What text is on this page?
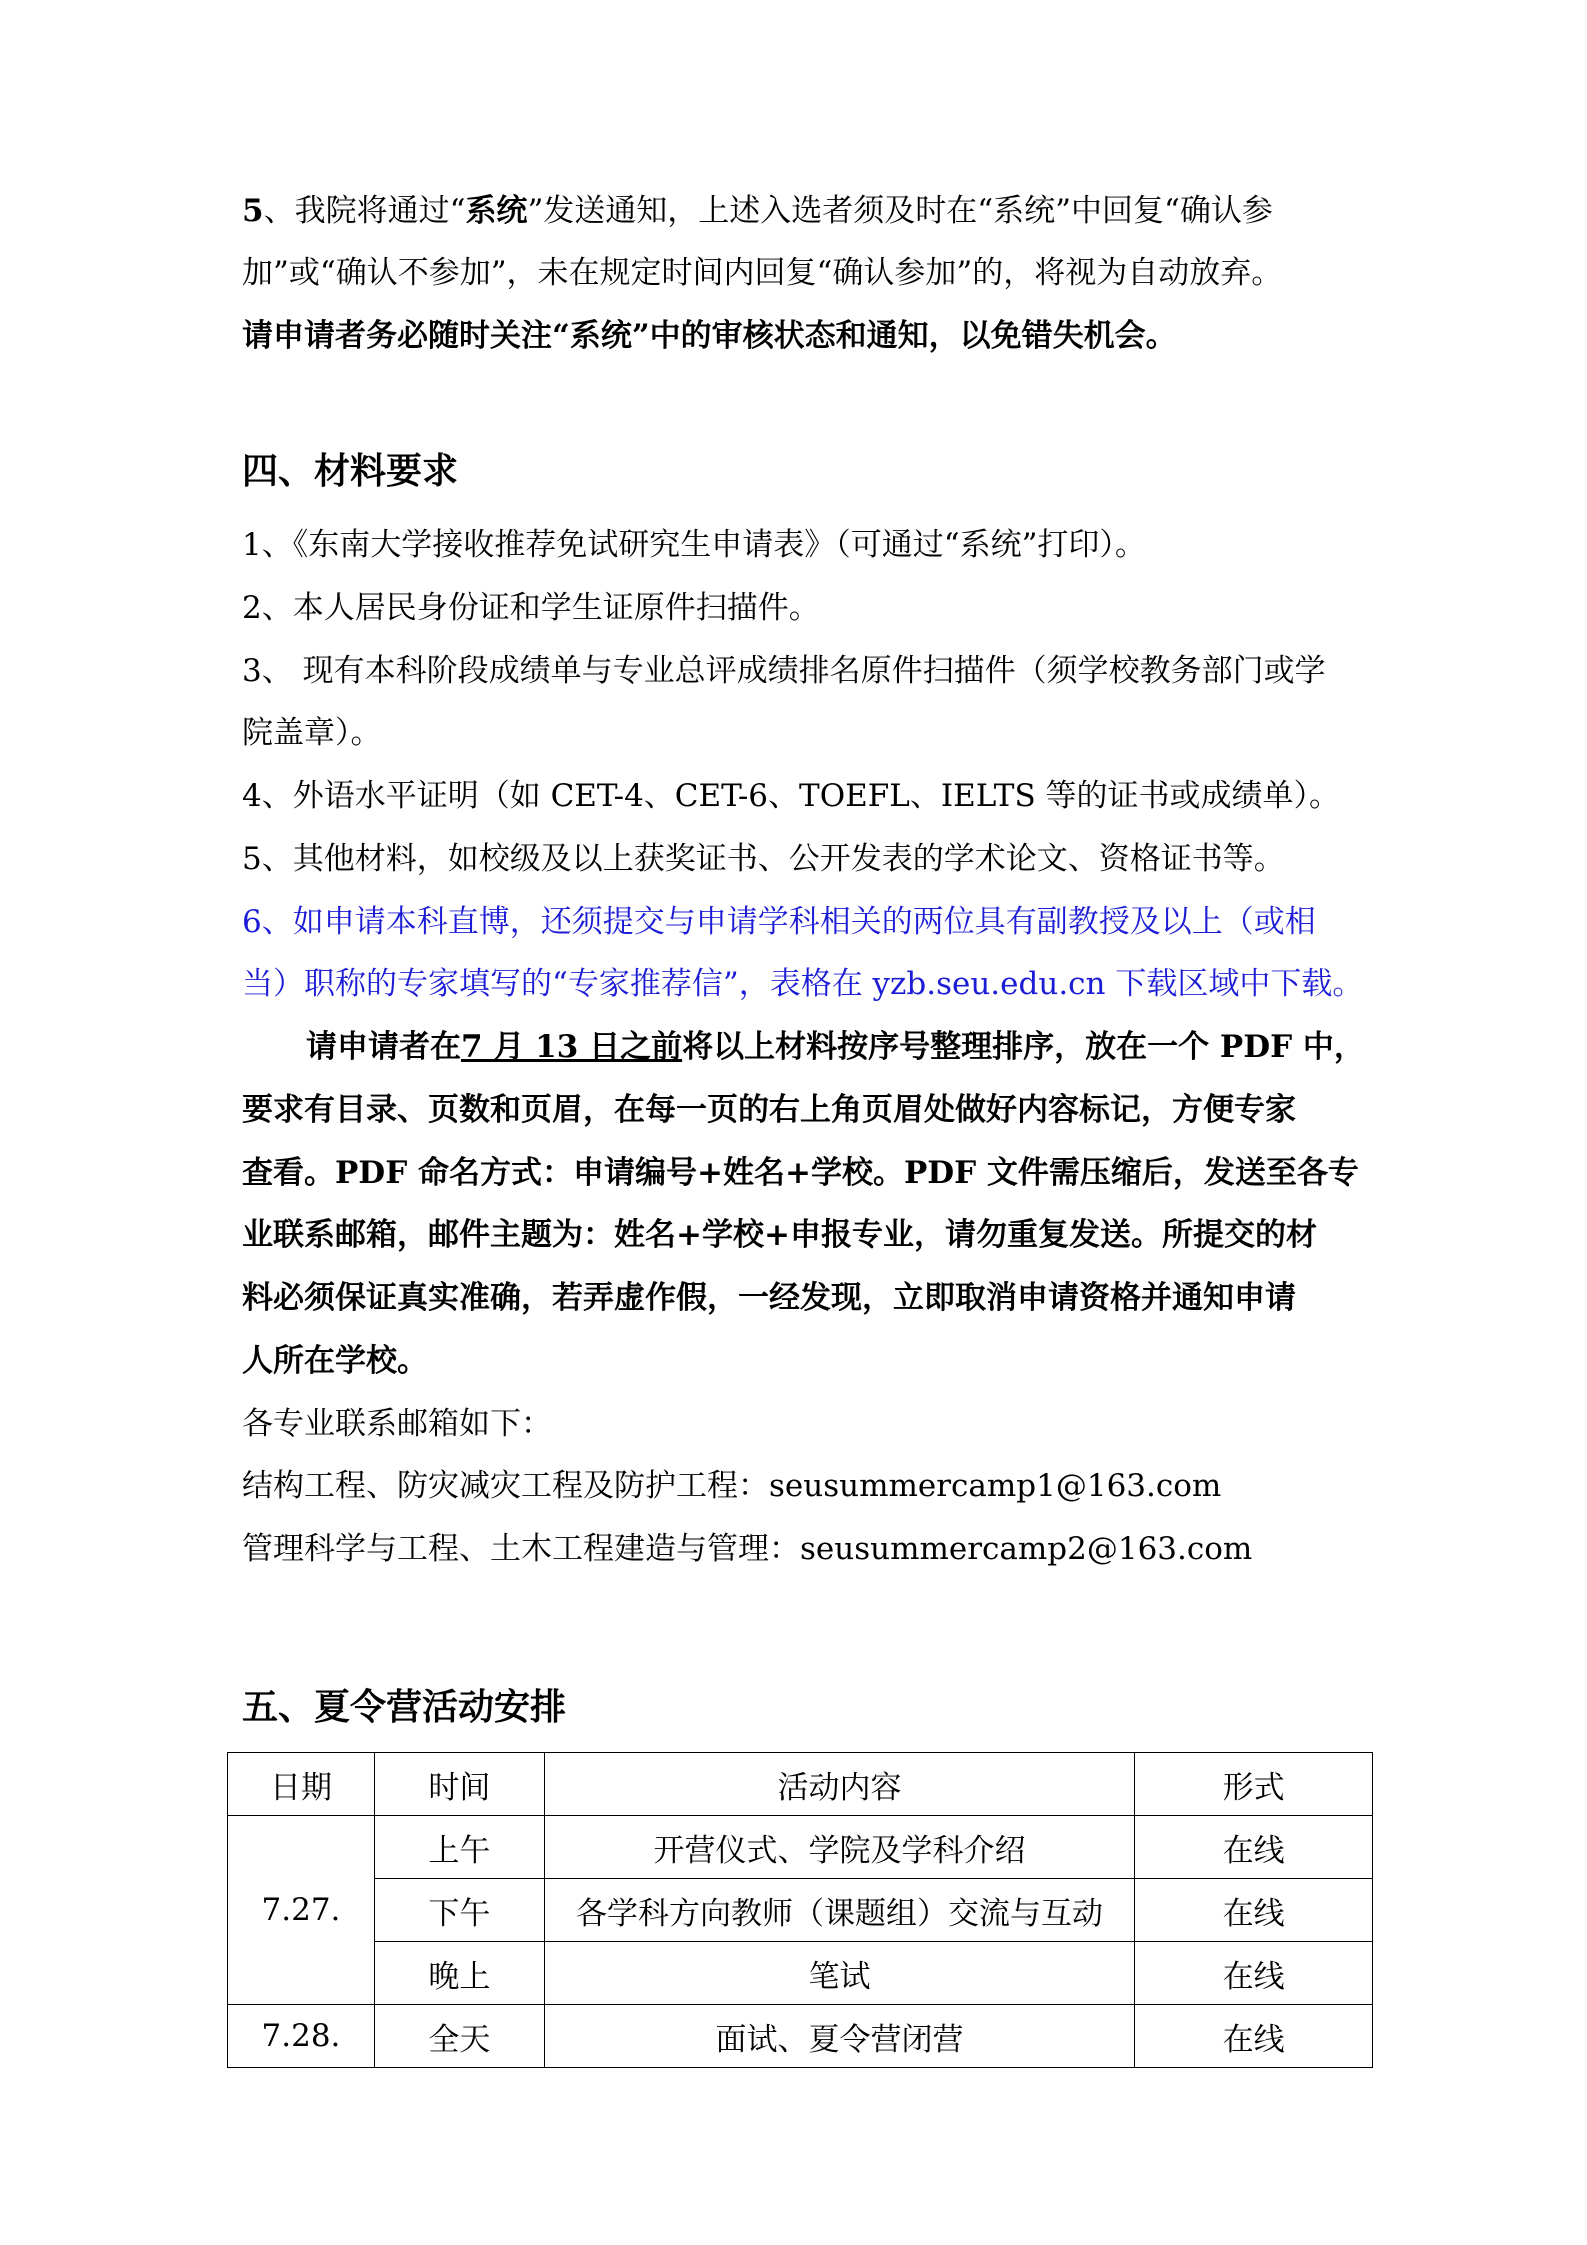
5、我院将通过“系统”发送通知，上述入选者须及时在“系统”中回复“确认参
加”或“确认不参加”，未在规定时间内回复“确认参加”的，将视为自动放弃。
请申请者务必随时关注“系统”中的审核状态和通知，以免错失机会。
四、材料要求
1、《东南大学接收推荐免试研究生申请表》（可通过“系统”打印）。
2、本人居民身份证和学生证原件扫描件。
3、 现有本科阶段成绩单与专业总评成绩排名原件扫描件（须学校教务部门或学
院盖章）。
4、外语水平证明（如 CET-4、CET-6、TOEFL、IELTS 等的证书或成绩单）。
5、其他材料，如校级及以上获奖证书、公开发表的学术论文、资格证书等。
6、如申请本科直博，还须提交与申请学科相关的两位具有副教授及以上（或相
当）职称的专家填写的“专家推荐信”，表格在 yzb.seu.edu.cn 下载区域中下载。
请申请者在7 月 13 日之前将以上材料按序号整理排序，放在一个 PDF 中，
要求有目录、页数和页眉，在每一页的右上角页眉处做好内容标记，方便专家
查看。PDF 命名方式：申请编号+姓名+学校。PDF 文件需压缩后，发送至各专
业联系邮箱，邮件主题为：姓名+学校+申报专业，请勿重复发送。所提交的材
料必须保证真实准确，若弄虚作假，一经发现，立即取消申请资格并通知申请
人所在学校。
各专业联系邮箱如下：
结构工程、防灾减灾工程及防护工程：seusummercamp1@163.com
管理科学与工程、土木工程建造与管理：seusummercamp2@163.com
五、夏令营活动安排
日期	时间	活动内容	形式
7.27.	上午	开营仪式、学院及学科介绍	在线
	下午	各学科方向教师（课题组）交流与互动	在线
	晚上	笔试	在线
7.28.	全天	面试、夏令营闭营	在线
